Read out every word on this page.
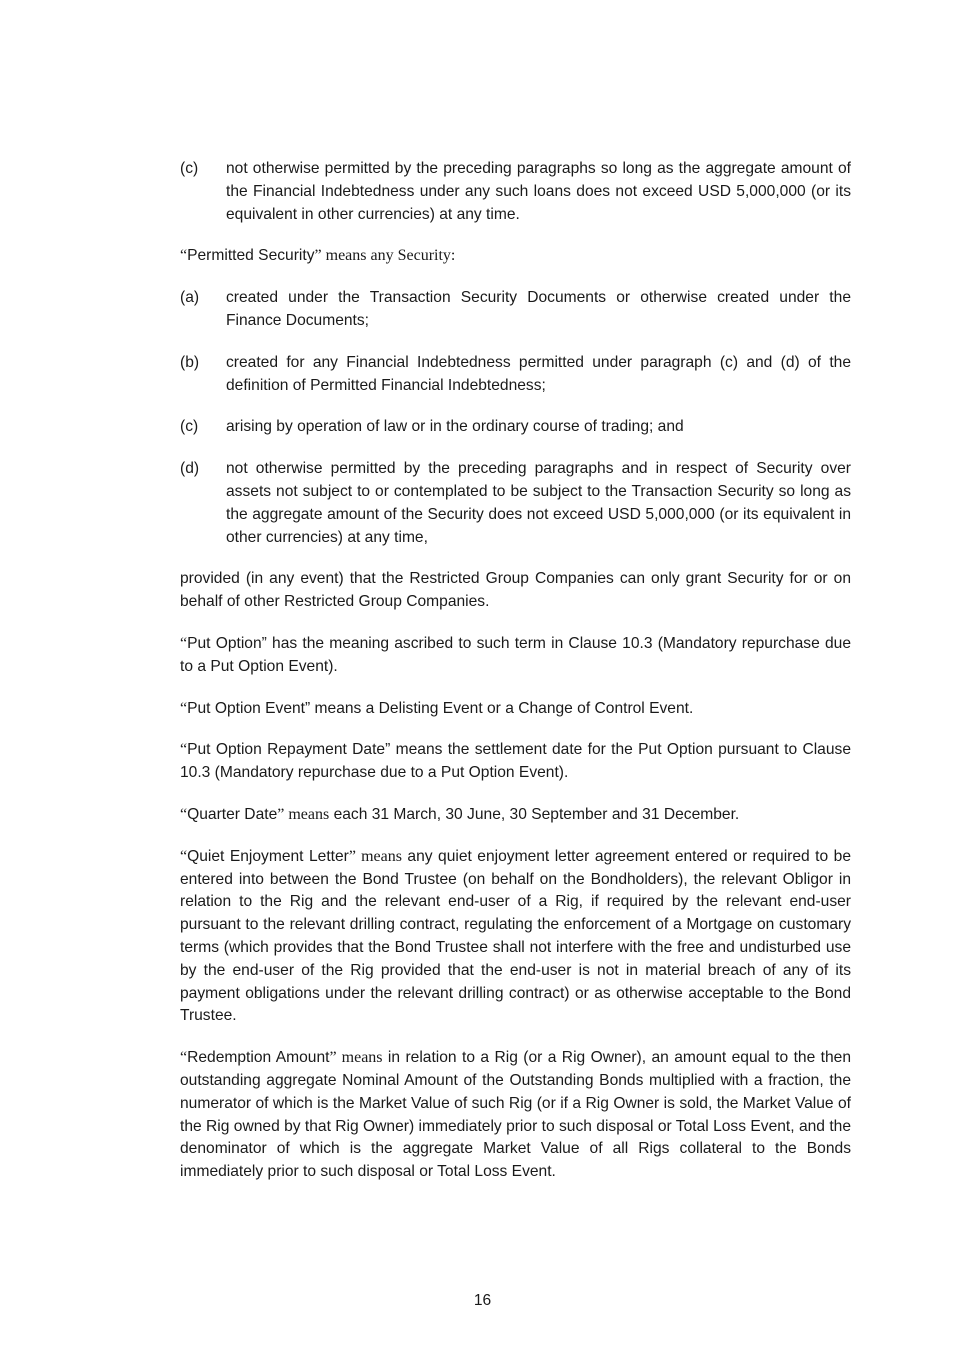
(c)	not otherwise permitted by the preceding paragraphs so long as the aggregate amount of the Financial Indebtedness under any such loans does not exceed USD 5,000,000 (or its equivalent in other currencies) at any time.

“Permitted Security” means any Security:

(a)	created under the Transaction Security Documents or otherwise created under the Finance Documents;
(b)	created for any Financial Indebtedness permitted under paragraph (c) and (d) of the definition of Permitted Financial Indebtedness;
(c)	arising by operation of law or in the ordinary course of trading; and
(d)	not otherwise permitted by the preceding paragraphs and in respect of Security over assets not subject to or contemplated to be subject to the Transaction Security so long as the aggregate amount of the Security does not exceed USD 5,000,000 (or its equivalent in other currencies) at any time,

provided (in any event) that the Restricted Group Companies can only grant Security for or on behalf of other Restricted Group Companies.

“Put Option” has the meaning ascribed to such term in Clause 10.3 (Mandatory repurchase due to a Put Option Event).

“Put Option Event” means a Delisting Event or a Change of Control Event.

“Put Option Repayment Date” means the settlement date for the Put Option pursuant to Clause 10.3 (Mandatory repurchase due to a Put Option Event).

“Quarter Date” means each 31 March, 30 June, 30 September and 31 December.

“Quiet Enjoyment Letter” means any quiet enjoyment letter agreement entered or required to be entered into between the Bond Trustee (on behalf on the Bondholders), the relevant Obligor in relation to the Rig and the relevant end-user of a Rig, if required by the relevant end-user pursuant to the relevant drilling contract, regulating the enforcement of a Mortgage on customary terms (which provides that the Bond Trustee shall not interfere with the free and undisturbed use by the end-user of the Rig provided that the end-user is not in material breach of any of its payment obligations under the relevant drilling contract) or as otherwise acceptable to the Bond Trustee.

“Redemption Amount” means in relation to a Rig (or a Rig Owner), an amount equal to the then outstanding aggregate Nominal Amount of the Outstanding Bonds multiplied with a fraction, the numerator of which is the Market Value of such Rig (or if a Rig Owner is sold, the Market Value of the Rig owned by that Rig Owner) immediately prior to such disposal or Total Loss Event, and the denominator of which is the aggregate Market Value of all Rigs collateral to the Bonds immediately prior to such disposal or Total Loss Event.

16
